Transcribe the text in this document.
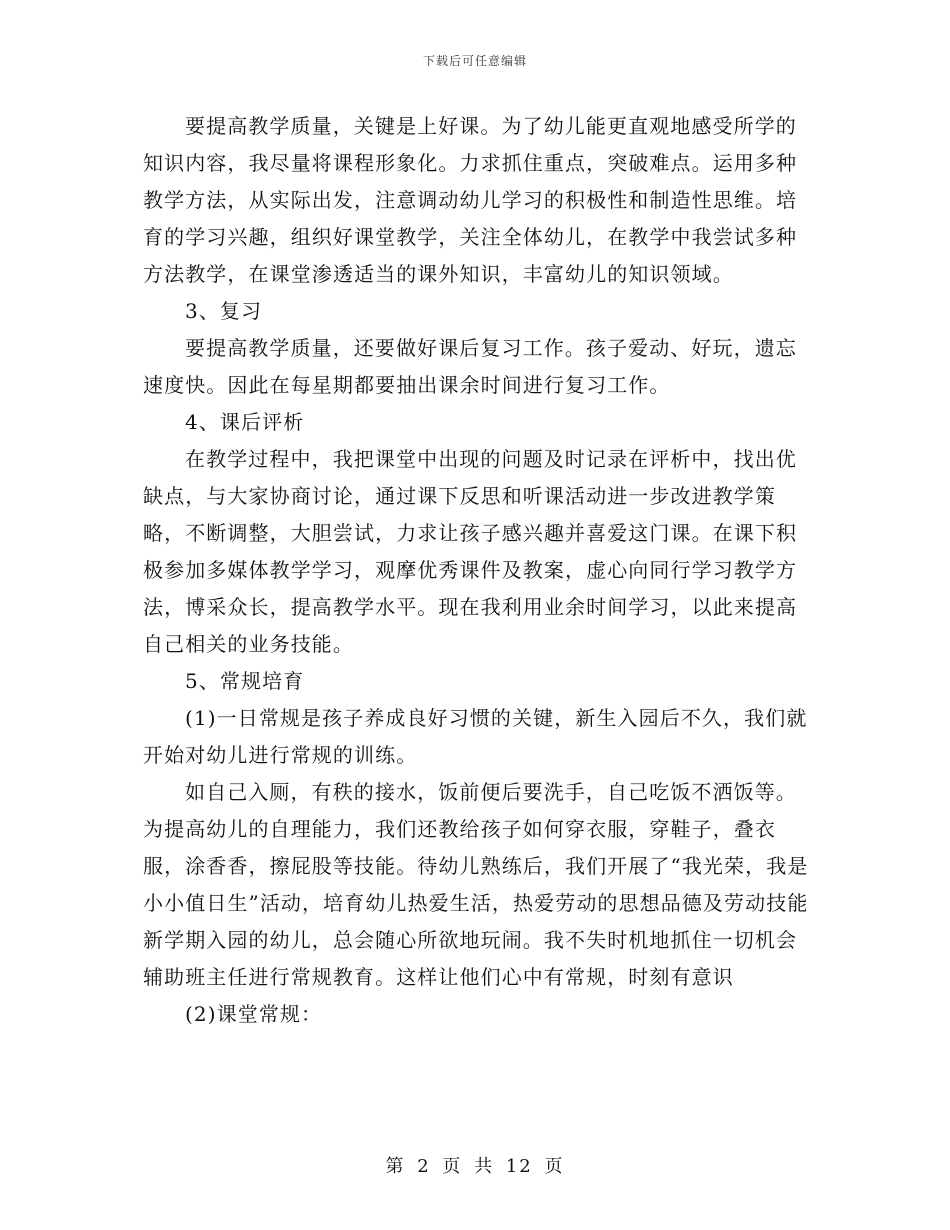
下载后可任意编辑

要提高教学质量，关键是上好课。为了幼儿能更直观地感受所学的知识内容，我尽量将课程形象化。力求抓住重点，突破难点。运用多种教学方法，从实际出发，注意调动幼儿学习的积极性和制造性思维。培育的学习兴趣，组织好课堂教学，关注全体幼儿，在教学中我尝试多种方法教学，在课堂渗透适当的课外知识，丰富幼儿的知识领域。

3、复习

要提高教学质量，还要做好课后复习工作。孩子爱动、好玩，遗忘速度快。因此在每星期都要抽出课余时间进行复习工作。

4、课后评析

在教学过程中，我把课堂中出现的问题及时记录在评析中，找出优缺点，与大家协商讨论，通过课下反思和听课活动进一步改进教学策略，不断调整，大胆尝试，力求让孩子感兴趣并喜爱这门课。在课下积极参加多媒体教学学习，观摩优秀课件及教案，虚心向同行学习教学方法，博采众长，提高教学水平。现在我利用业余时间学习，以此来提高自己相关的业务技能。

5、常规培育

(1)一日常规是孩子养成良好习惯的关键，新生入园后不久，我们就开始对幼儿进行常规的训练。

如自己入厕，有秩的接水，饭前便后要洗手，自己吃饭不洒饭等。为提高幼儿的自理能力，我们还教给孩子如何穿衣服，穿鞋子，叠衣服，涂香香，擦屁股等技能。待幼儿熟练后，我们开展了“我光荣，我是小小值日生”活动，培育幼儿热爱生活，热爱劳动的思想品德及劳动技能新学期入园的幼儿，总会随心所欲地玩闹。我不失时机地抓住一切机会辅助班主任进行常规教育。这样让他们心中有常规，时刻有意识

(2)课堂常规：

第 2 页 共 12 页
